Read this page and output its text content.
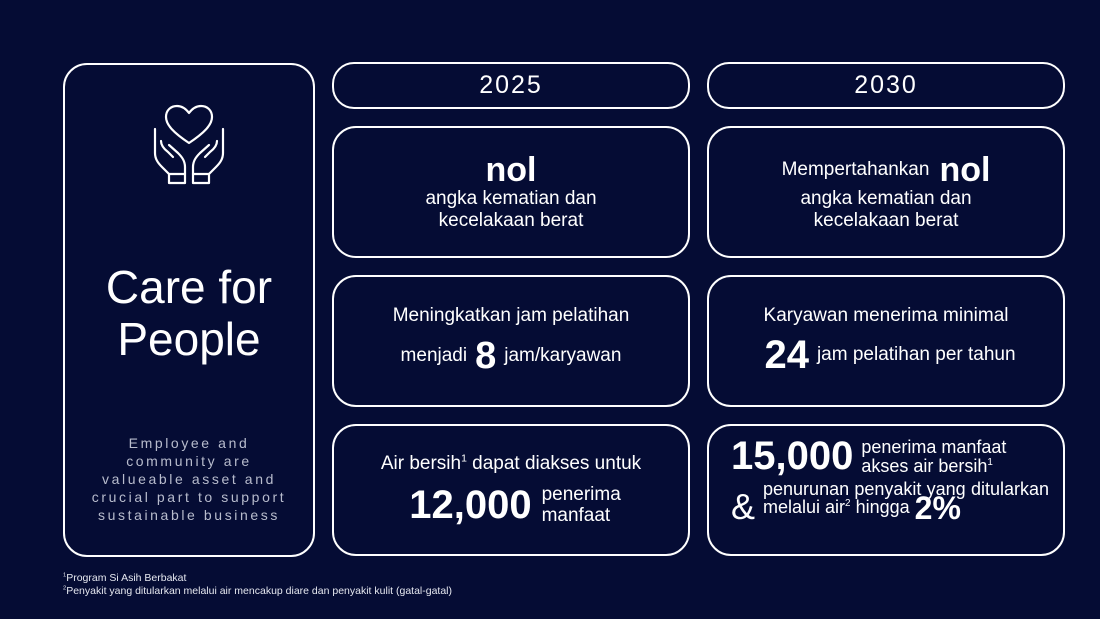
Care for
People
Employee and
community are
valueable asset and
crucial part to support
sustainable business
2025	2030
nol
angka kematian dan
kecelakaan berat
Mempertahankan nol
angka kematian dan
kecelakaan berat
Meningkatkan jam pelatihan
menjadi 8 jam/karyawan
Karyawan menerima minimal
24 jam pelatihan per tahun
Air bersih$^1$ dapat diakses untuk
12,000 penerima
manfaat
15,000 penerima manfaat
akses air bersih$^1$
& penurunan penyakit yang ditularkan melalui air$^2$ hingga 2%
$^1$Program Si Asih Berbakat
$^2$Penyakit yang ditularkan melalui air mencakup diare dan penyakit kulit (gatal-gatal)
